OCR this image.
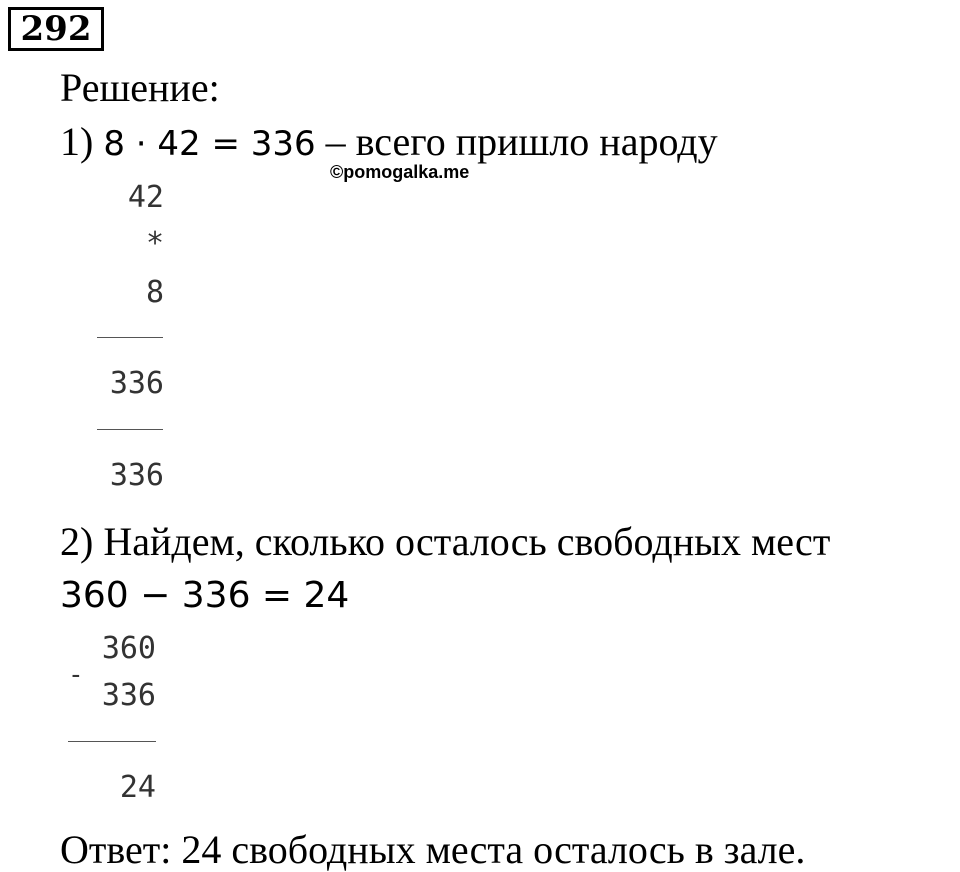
292
Решение:
1) 8 · 42 = 336 – всего пришло народу
©pomogalka.me
42
*
8
336
336
2) Найдем, сколько осталось свободных мест
360 − 336 = 24
-
360
336
24
Ответ: 24 свободных места осталось в зале.
